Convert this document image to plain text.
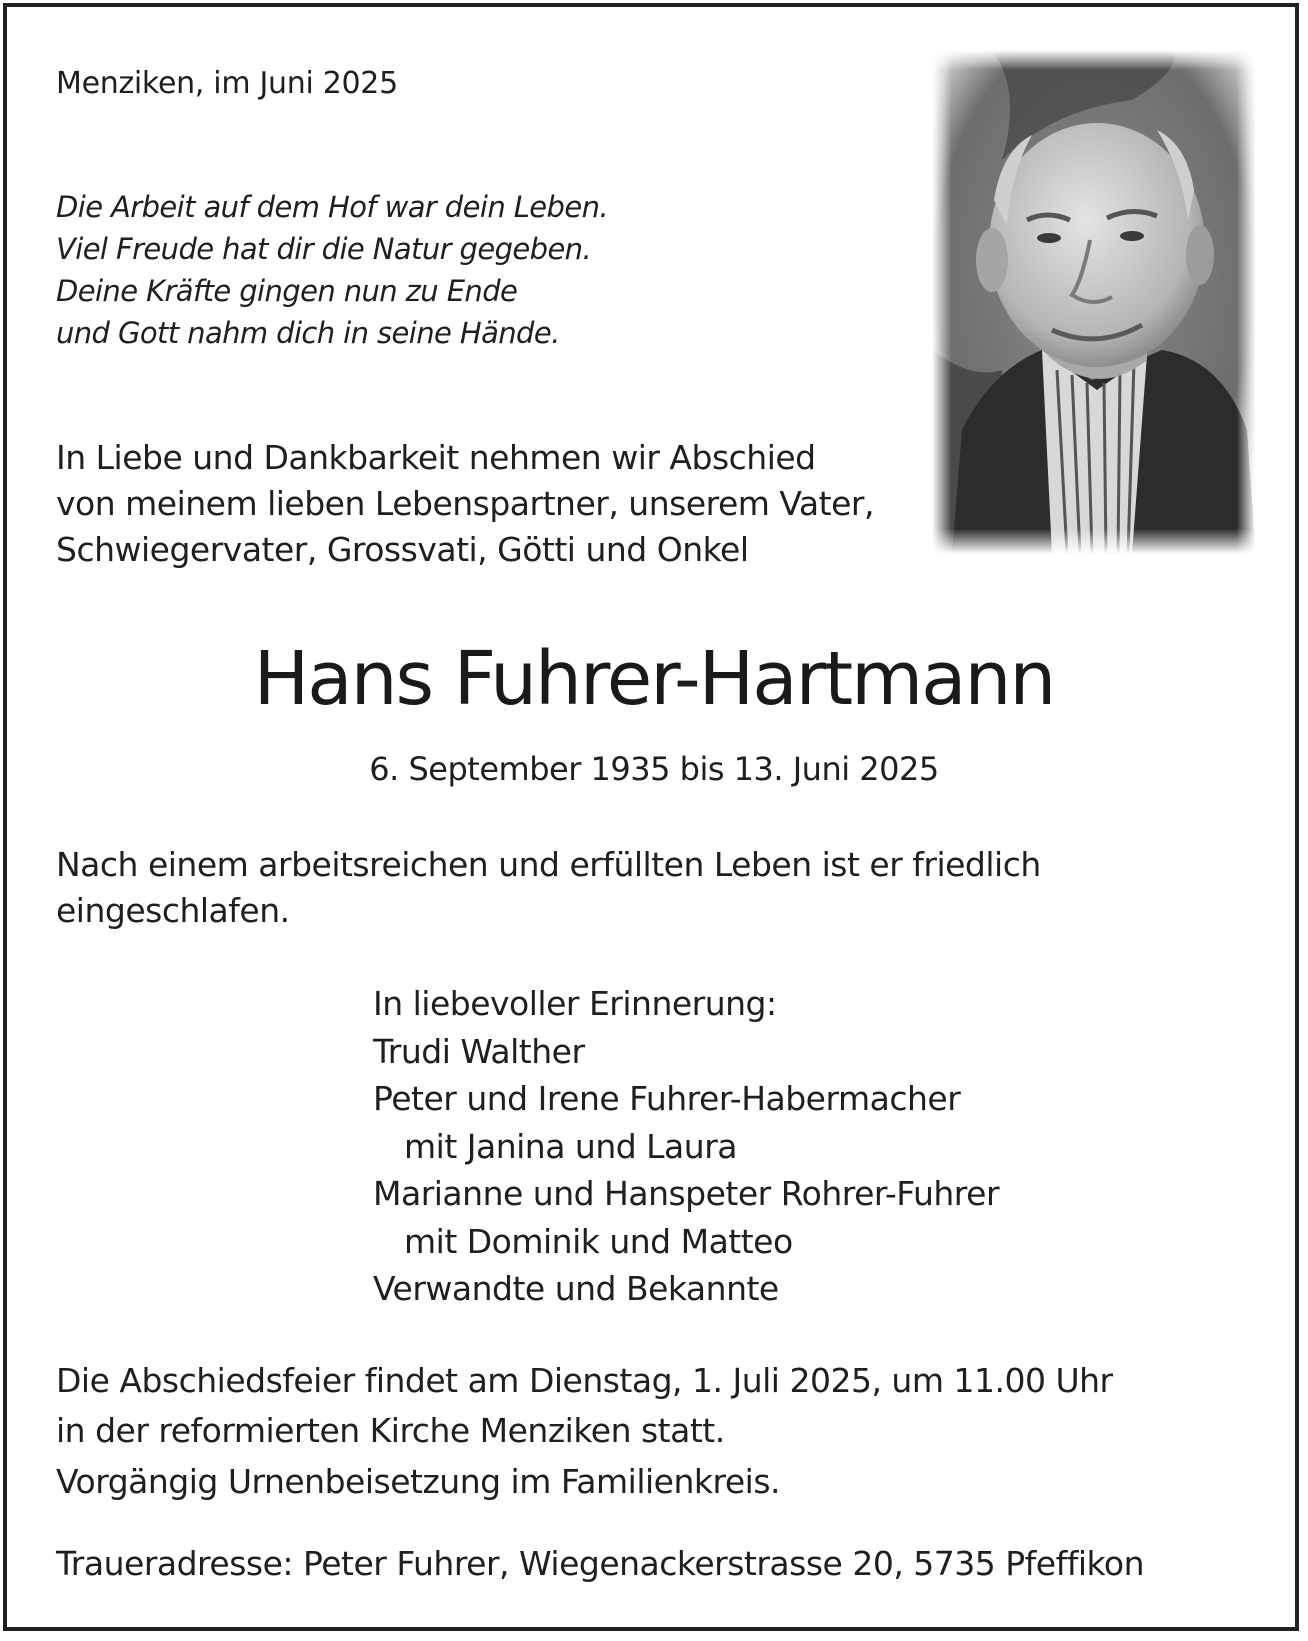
Menziken, im Juni 2025
Die Arbeit auf dem Hof war dein Leben.
Viel Freude hat dir die Natur gegeben.
Deine Kräfte gingen nun zu Ende
und Gott nahm dich in seine Hände.
In Liebe und Dankbarkeit nehmen wir Abschied
von meinem lieben Lebenspartner, unserem Vater,
Schwiegervater, Grossvati, Götti und Onkel
Hans Fuhrer-Hartmann
6. September 1935 bis 13. Juni 2025
Nach einem arbeitsreichen und erfüllten Leben ist er friedlich
eingeschlafen.
In liebevoller Erinnerung:
Trudi Walther
Peter und Irene Fuhrer-Habermacher
mit Janina und Laura
Marianne und Hanspeter Rohrer-Fuhrer
mit Dominik und Matteo
Verwandte und Bekannte
Die Abschiedsfeier findet am Dienstag, 1. Juli 2025, um 11.00 Uhr
in der reformierten Kirche Menziken statt.
Vorgängig Urnenbeisetzung im Familienkreis.
Traueradresse: Peter Fuhrer, Wiegenackerstrasse 20, 5735 Pfeffikon
